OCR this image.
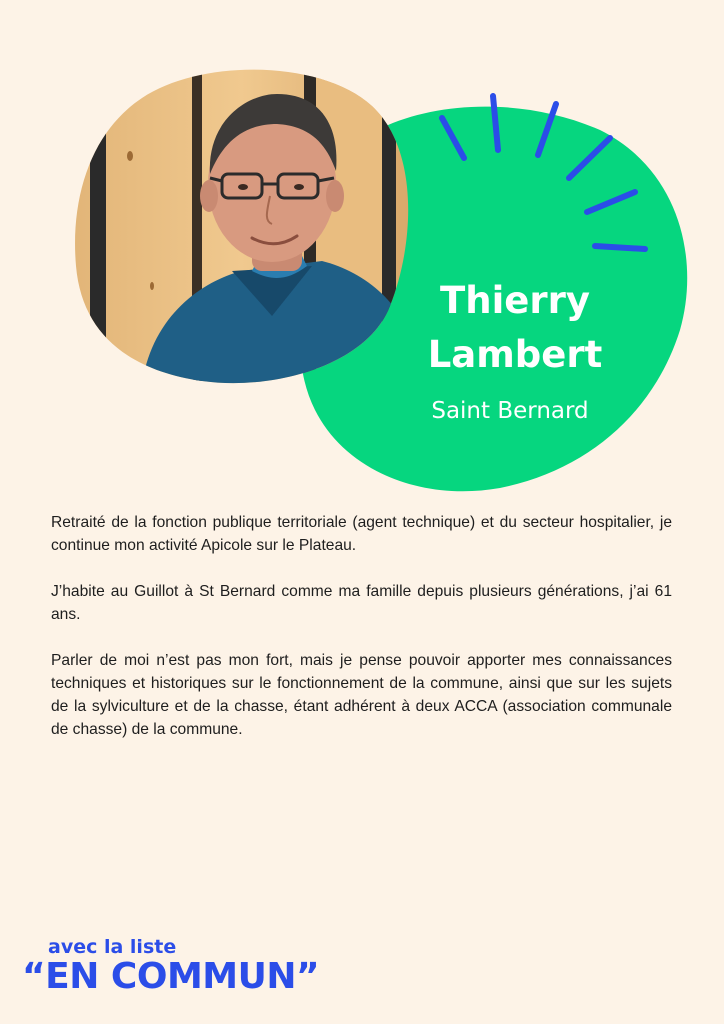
Thierry
Lambert
Saint Bernard

Retraité de la fonction publique territoriale (agent technique) et du secteur hospitalier, je continue mon activité Apicole sur le Plateau.

J’habite au Guillot à St Bernard comme ma famille depuis plusieurs générations, j’ai 61 ans.

Parler de moi n’est pas mon fort, mais je pense pouvoir apporter mes connaissances techniques et historiques sur le fonctionnement de la commune, ainsi que sur les sujets de la sylviculture et de la chasse, étant adhérent à deux ACCA (association communale de chasse) de la commune.

avec la liste
“EN COMMUN”
